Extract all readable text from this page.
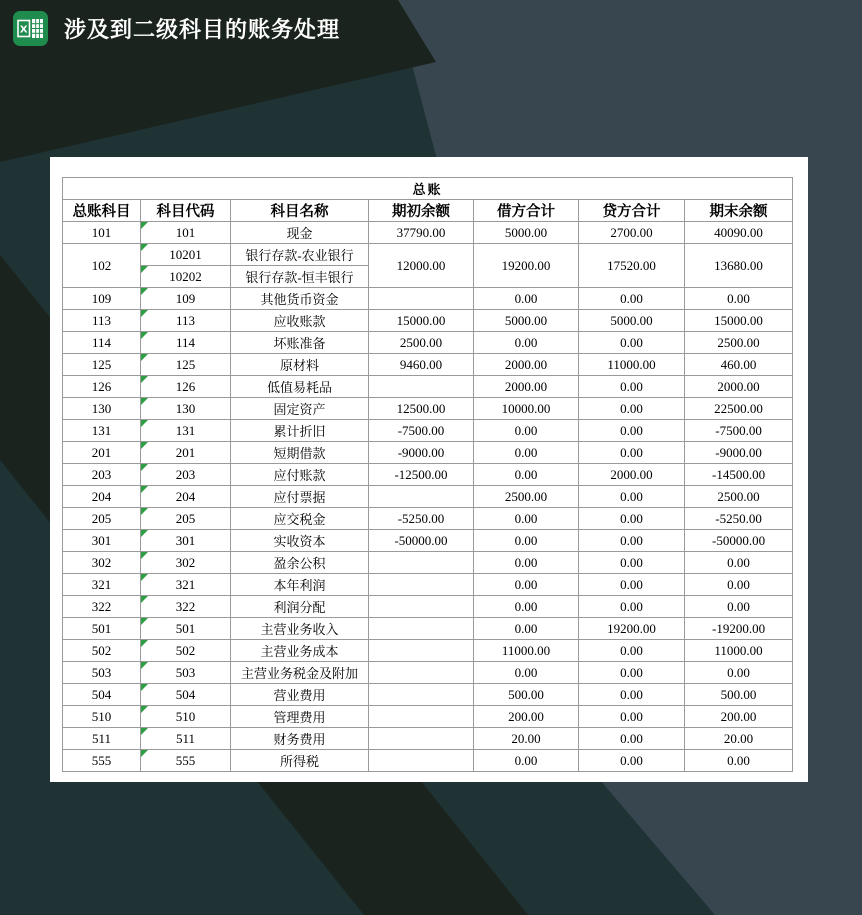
X 涉及到二级科目的账务处理
总账						
总账科目	科目代码	科目名称	期初余额	借方合计	贷方合计	期末余额
101	101	现金	37790.00	5000.00	2700.00	40090.00
102	10201	银行存款-农业银行	12000.00	19200.00	17520.00	13680.00
	10202	银行存款-恒丰银行				
109	109	其他货币资金		0.00	0.00	0.00
113	113	应收账款	15000.00	5000.00	5000.00	15000.00
114	114	坏账准备	2500.00	0.00	0.00	2500.00
125	125	原材料	9460.00	2000.00	11000.00	460.00
126	126	低值易耗品		2000.00	0.00	2000.00
130	130	固定资产	12500.00	10000.00	0.00	22500.00
131	131	累计折旧	-7500.00	0.00	0.00	-7500.00
201	201	短期借款	-9000.00	0.00	0.00	-9000.00
203	203	应付账款	-12500.00	0.00	2000.00	-14500.00
204	204	应付票据		2500.00	0.00	2500.00
205	205	应交税金	-5250.00	0.00	0.00	-5250.00
301	301	实收资本	-50000.00	0.00	0.00	-50000.00
302	302	盈余公积		0.00	0.00	0.00
321	321	本年利润		0.00	0.00	0.00
322	322	利润分配		0.00	0.00	0.00
501	501	主营业务收入		0.00	19200.00	-19200.00
502	502	主营业务成本		11000.00	0.00	11000.00
503	503	主营业务税金及附加		0.00	0.00	0.00
504	504	营业费用		500.00	0.00	500.00
510	510	管理费用		200.00	0.00	200.00
511	511	财务费用		20.00	0.00	20.00
555	555	所得税		0.00	0.00	0.00
